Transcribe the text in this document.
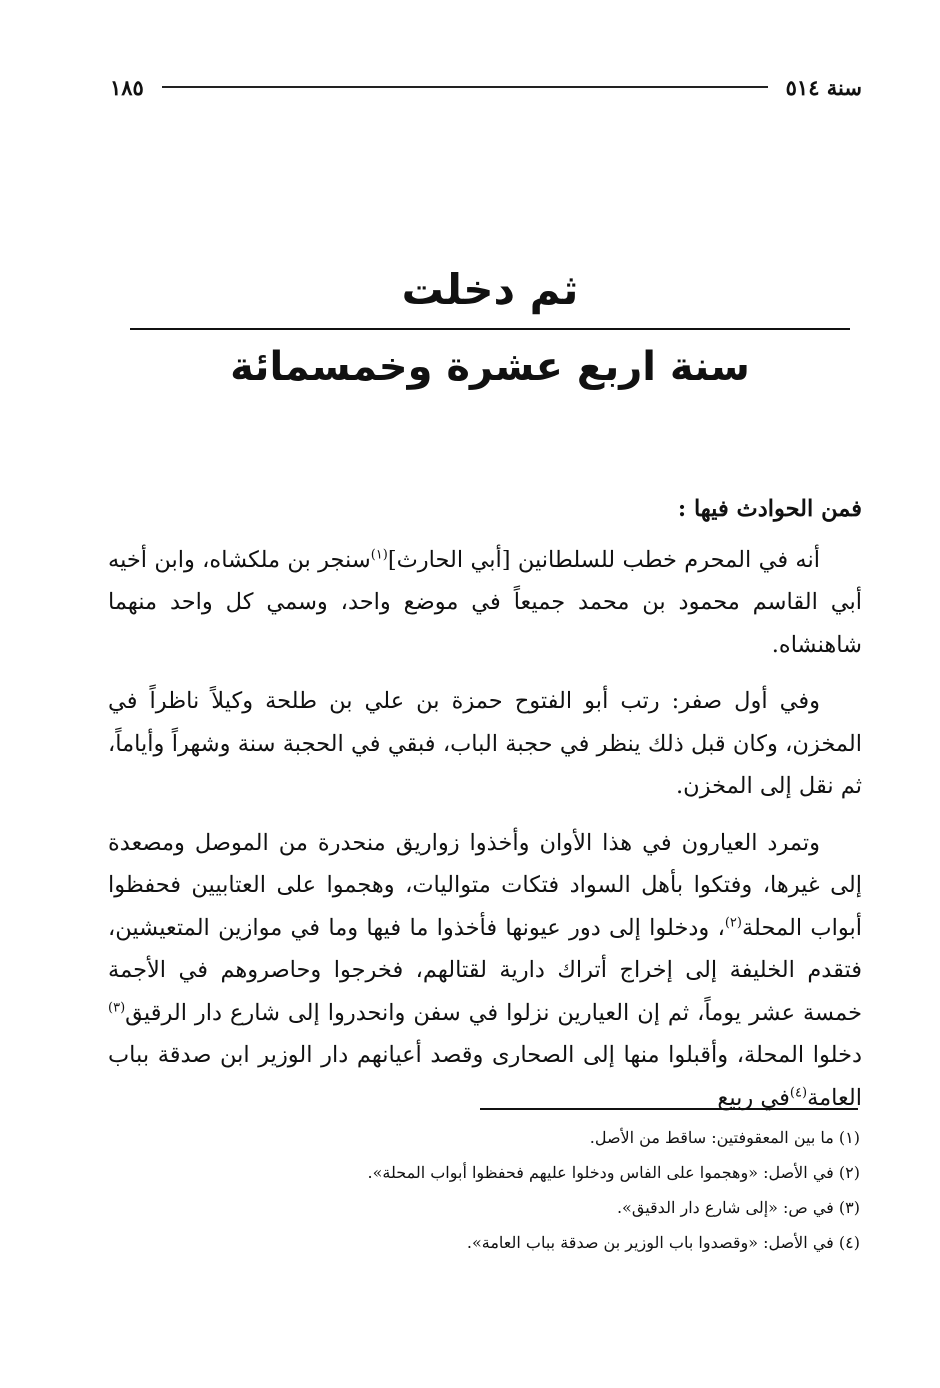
سنة ٥١٤
١٨٥
ثم دخلت
سنة اربع عشرة وخمسمائة

فمن الحوادث فيها :

أنه في المحرم خطب للسلطانين [أبي الحارث]$^{(١)}$سنجر بن ملكشاه، وابن أخيه أبي القاسم محمود بن محمد جميعاً في موضع واحد، وسمي كل واحد منهما شاهنشاه.

وفي أول صفر: رتب أبو الفتوح حمزة بن علي بن طلحة وكيلاً ناظراً في المخزن، وكان قبل ذلك ينظر في حجبة الباب، فبقي في الحجبة سنة وشهراً وأياماً، ثم نقل إلى المخزن.

وتمرد العيارون في هذا الأوان وأخذوا زواريق منحدرة من الموصل ومصعدة إلى غيرها، وفتكوا بأهل السواد فتكات متواليات، وهجموا على العتابيين فحفظوا أبواب المحلة$^{(٢)}$، ودخلوا إلى دور عيونها فأخذوا ما فيها وما في موازين المتعيشين، فتقدم الخليفة إلى إخراج أتراك دارية لقتالهم، فخرجوا وحاصروهم في الأجمة خمسة عشر يوماً، ثم إن العيارين نزلوا في سفن وانحدروا إلى شارع دار الرقيق$^{(٣)}$ دخلوا المحلة، وأقبلوا منها إلى الصحارى وقصد أعيانهم دار الوزير ابن صدقة بباب العامة$^{(٤)}$في ربيع

(١) ما بين المعقوفتين: ساقط من الأصل.

(٢) في الأصل: «وهجموا على الفاس ودخلوا عليهم فحفظوا أبواب المحلة».

(٣) في ص: «إلى شارع دار الدقيق».

(٤) في الأصل: «وقصدوا باب الوزير بن صدقة بباب العامة».
